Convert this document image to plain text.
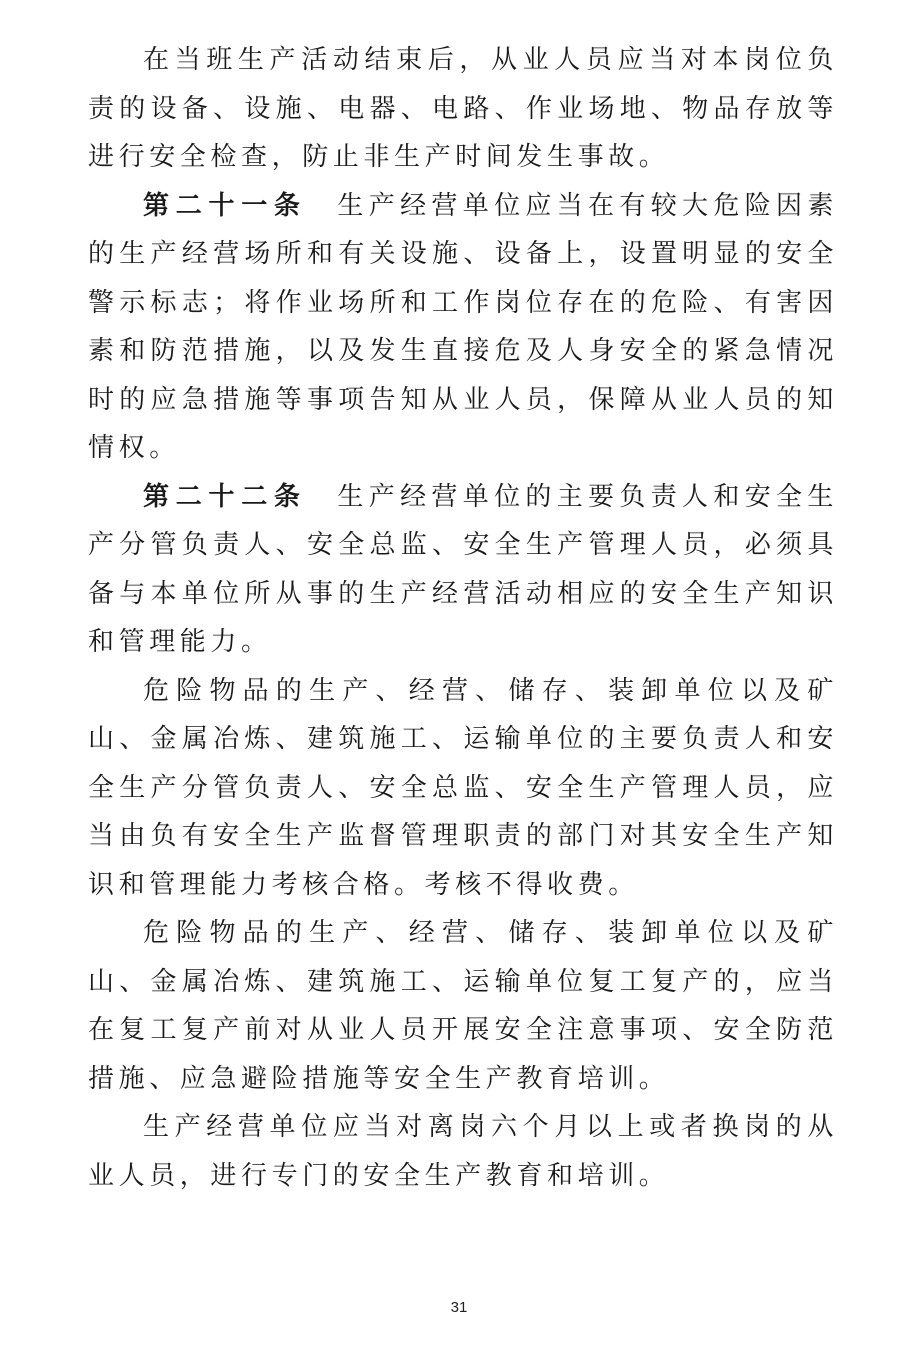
在当班生产活动结束后，从业人员应当对本岗位负责的设备、设施、电器、电路、作业场地、物品存放等进行安全检查，防止非生产时间发生事故。

第二十一条 生产经营单位应当在有较大危险因素的生产经营场所和有关设施、设备上，设置明显的安全警示标志；将作业场所和工作岗位存在的危险、有害因素和防范措施，以及发生直接危及人身安全的紧急情况时的应急措施等事项告知从业人员，保障从业人员的知情权。

第二十二条 生产经营单位的主要负责人和安全生产分管负责人、安全总监、安全生产管理人员，必须具备与本单位所从事的生产经营活动相应的安全生产知识和管理能力。

危险物品的生产、经营、储存、装卸单位以及矿山、金属冶炼、建筑施工、运输单位的主要负责人和安全生产分管负责人、安全总监、安全生产管理人员，应当由负有安全生产监督管理职责的部门对其安全生产知识和管理能力考核合格。考核不得收费。

危险物品的生产、经营、储存、装卸单位以及矿山、金属冶炼、建筑施工、运输单位复工复产的，应当在复工复产前对从业人员开展安全注意事项、安全防范措施、应急避险措施等安全生产教育培训。

生产经营单位应当对离岗六个月以上或者换岗的从业人员，进行专门的安全生产教育和培训。

31
